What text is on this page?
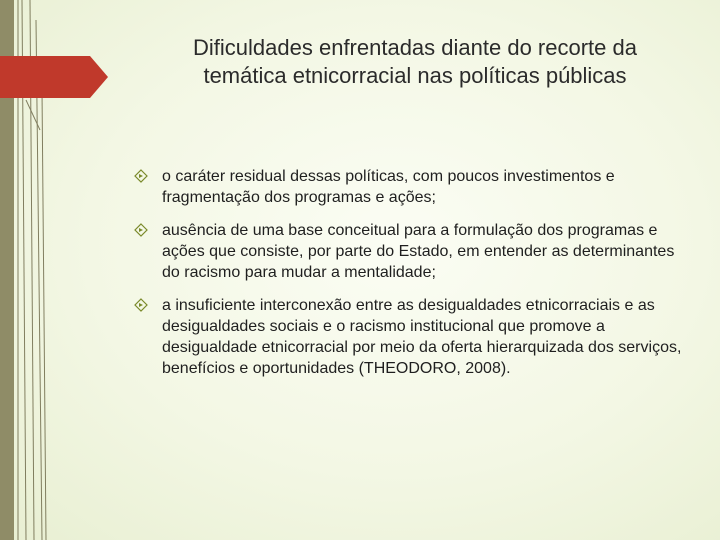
Dificuldades enfrentadas diante do recorte da temática etnicorracial nas políticas públicas
o caráter residual dessas políticas, com poucos investimentos e fragmentação dos programas e ações;
ausência de uma base conceitual para a formulação dos programas e ações que consiste, por parte do Estado, em entender as determinantes do racismo para mudar a mentalidade;
a insuficiente interconexão entre as desigualdades etnicorraciais e as desigualdades sociais e o racismo institucional que promove a desigualdade etnicorracial por meio da oferta hierarquizada dos serviços, benefícios e oportunidades (THEODORO, 2008).
